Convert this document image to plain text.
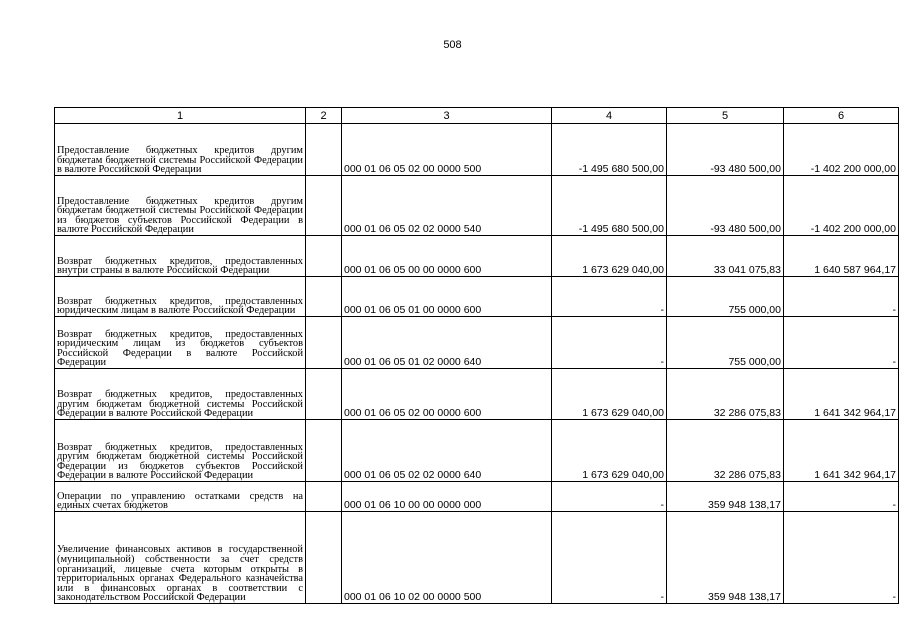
508
1	2	3	4	5	6
Предоставление бюджетных кредитов другим бюджетам бюджетной системы Российской Федерации в валюте Российской Федерации		000 01 06 05 02 00 0000 500	-1 495 680 500,00	-93 480 500,00	-1 402 200 000,00
Предоставление бюджетных кредитов другим бюджетам бюджетной системы Российской Федерации из бюджетов субъектов Российской Федерации в валюте Российской Федерации		000 01 06 05 02 02 0000 540	-1 495 680 500,00	-93 480 500,00	-1 402 200 000,00
Возврат бюджетных кредитов, предоставленных внутри страны в валюте Российской Федерации		000 01 06 05 00 00 0000 600	1 673 629 040,00	33 041 075,83	1 640 587 964,17
Возврат бюджетных кредитов, предоставленных юридическим лицам в валюте Российской Федерации		000 01 06 05 01 00 0000 600	-	755 000,00	-
Возврат бюджетных кредитов, предоставленных юридическим лицам из бюджетов субъектов Российской Федерации в валюте Российской Федерации		000 01 06 05 01 02 0000 640	-	755 000,00	-
Возврат бюджетных кредитов, предоставленных другим бюджетам бюджетной системы Российской Федерации в валюте Российской Федерации		000 01 06 05 02 00 0000 600	1 673 629 040,00	32 286 075,83	1 641 342 964,17
Возврат бюджетных кредитов, предоставленных другим бюджетам бюджетной системы Российской Федерации из бюджетов субъектов Российской Федерации в валюте Российской Федерации		000 01 06 05 02 02 0000 640	1 673 629 040,00	32 286 075,83	1 641 342 964,17
Операции по управлению остатками средств на единых счетах бюджетов		000 01 06 10 00 00 0000 000	-	359 948 138,17	-
Увеличение финансовых активов в государственной (муниципальной) собственности за счет средств организаций, лицевые счета которым открыты в территориальных органах Федерального казначейства или в финансовых органах в соответствии с законодательством Российской Федерации		000 01 06 10 02 00 0000 500	-	359 948 138,17	-
